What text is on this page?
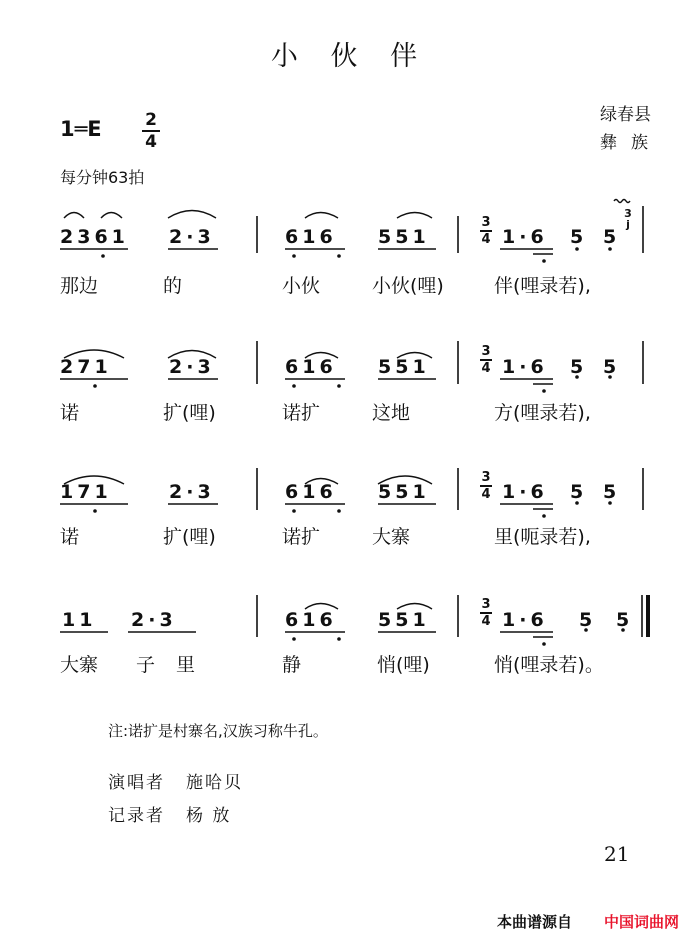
小 伙 伴
1═E	2
4
绿春县
彝族
每分钟63拍
2361 2·3	616 551
3
4 1·6 5 5
3
j
那边	的	小伙	小伙(哩)	伴(哩录若),
271	2·3	616 551
3
4 1·6 5 5
诺	扩(哩)	诺扩	这地	方(哩录若),
171	2·3	616 551
3
4 1·6 5 5
诺	扩(哩)	诺扩	大寨	里(呃录若),
11 2·3	616 551
3
4 1·6 5 5
大寨 子 里	静	悄(哩)	悄(哩录若)。
注:诺扩是村寨名,汉族习称牛孔。
演唱者 施哈贝
记录者 杨 放
21
本曲谱源自 中国词曲网
